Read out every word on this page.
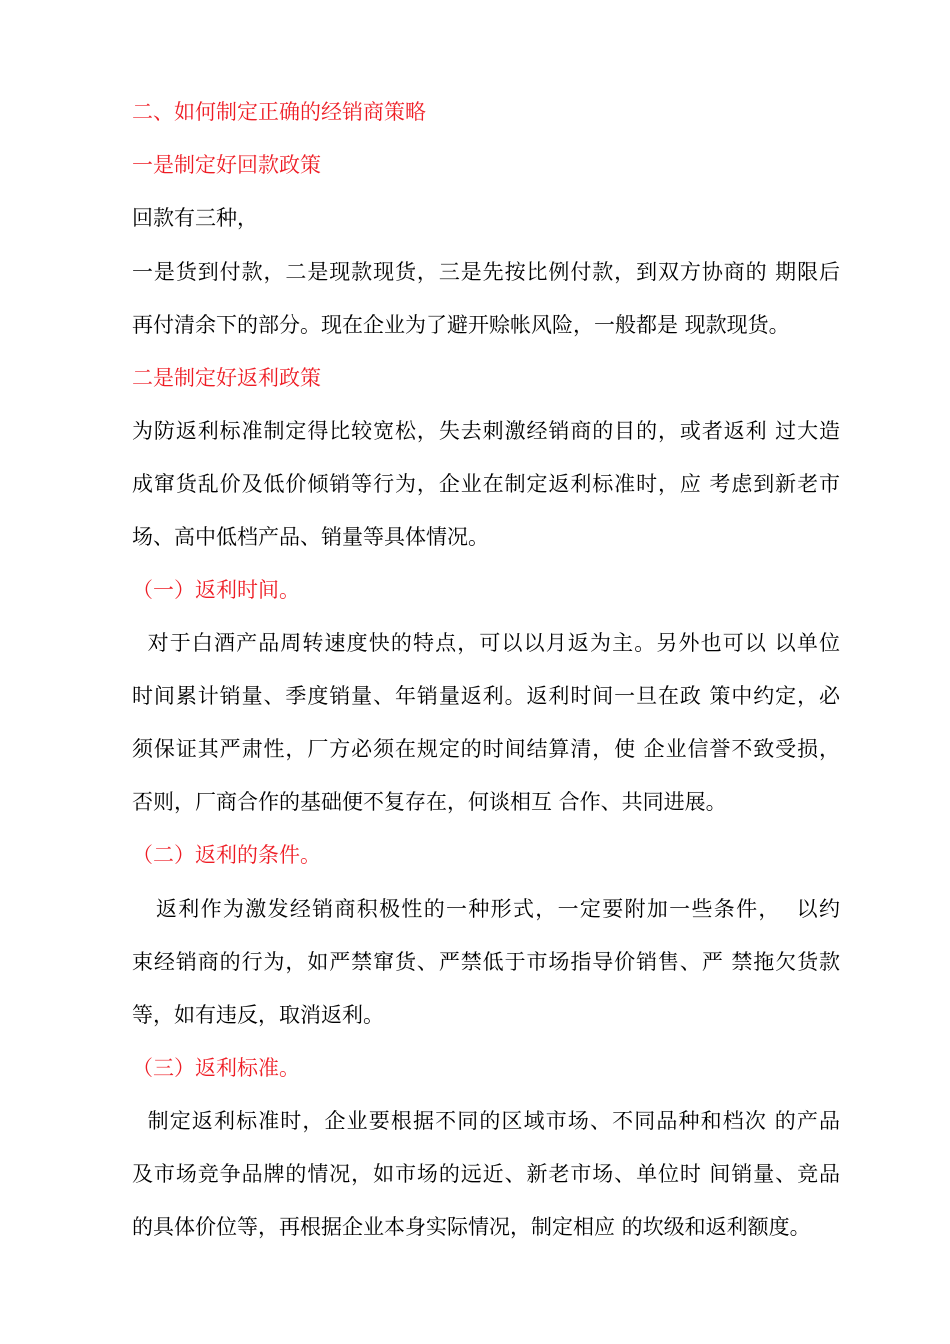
二、如何制定正确的经销商策略
一是制定好回款政策
回款有三种，
一是货到付款，二是现款现货，三是先按比例付款，到双方协商的 期限后
再付清余下的部分。现在企业为了避开赊帐风险，一般都是 现款现货。
二是制定好返利政策
为防返利标准制定得比较宽松，失去刺激经销商的目的，或者返利 过大造
成窜货乱价及低价倾销等行为，企业在制定返利标准时，应 考虑到新老市
场、高中低档产品、销量等具体情况。
（一）返利时间。
对于白酒产品周转速度快的特点，可以以月返为主。另外也可以 以单位
时间累计销量、季度销量、年销量返利。返利时间一旦在政 策中约定，必
须保证其严肃性，厂方必须在规定的时间结算清，使 企业信誉不致受损，
否则，厂商合作的基础便不复存在，何谈相互 合作、共同进展。
（二）返利的条件。
返利作为激发经销商积极性的一种形式，一定要附加一些条件，  以约
束经销商的行为，如严禁窜货、严禁低于市场指导价销售、严 禁拖欠货款
等，如有违反，取消返利。
（三）返利标准。
制定返利标准时，企业要根据不同的区域市场、不同品种和档次 的产品
及市场竞争品牌的情况，如市场的远近、新老市场、单位时 间销量、竞品
的具体价位等，再根据企业本身实际情况，制定相应 的坎级和返利额度。
